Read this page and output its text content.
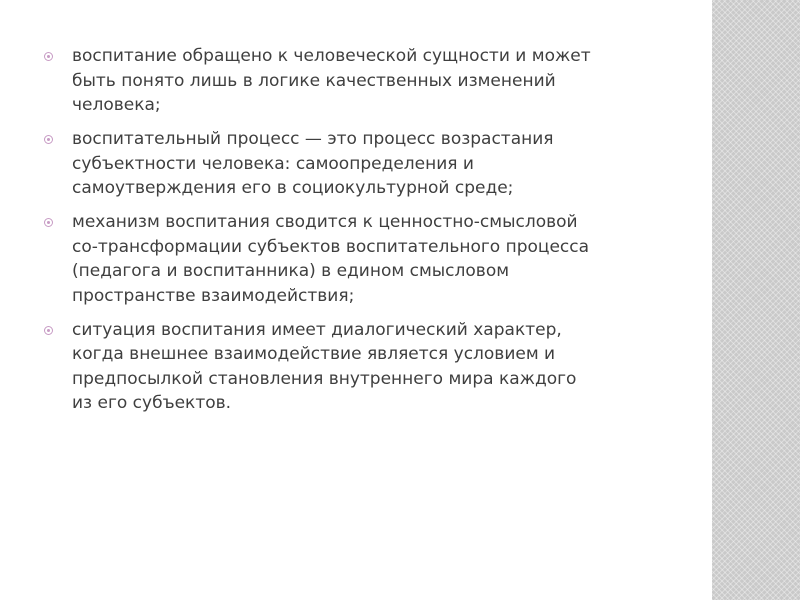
воспитание обращено к человеческой сущности и может
быть понято лишь в логике качественных изменений
человека;
воспитательный процесс — это процесс возрастания
субъектности человека: самоопределения и
самоутверждения его в социокультурной среде;
механизм воспитания сводится к ценностно-смысловой
со-трансформации субъектов воспитательного процесса
(педагога и воспитанника) в едином смысловом
пространстве взаимодействия;
ситуация воспитания имеет диалогический характер,
когда внешнее взаимодействие является условием и
предпосылкой становления внутреннего мира каждого
из его субъектов.
